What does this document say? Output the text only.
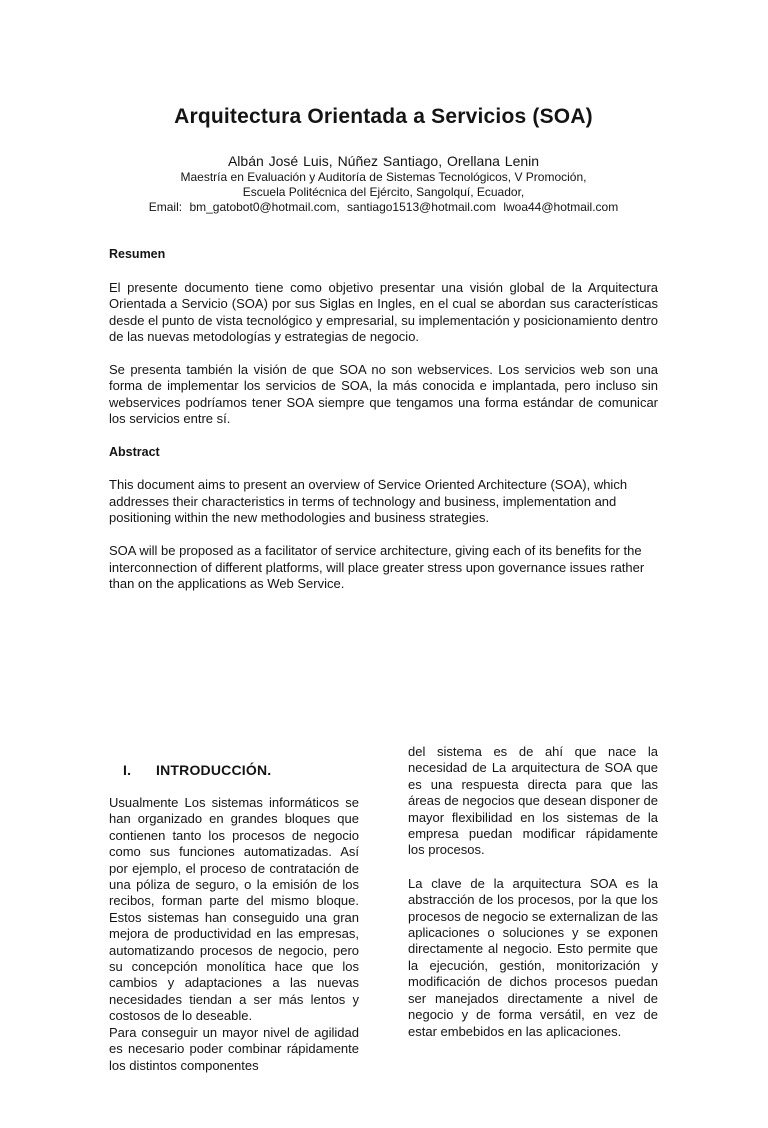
Arquitectura Orientada a Servicios (SOA)

Albán José Luis, Núñez Santiago, Orellana Lenin

Maestría en Evaluación y Auditoría de Sistemas Tecnológicos, V Promoción,

Escuela Politécnica del Ejército, Sangolquí, Ecuador,

Email: bm_gatobot0@hotmail.com, santiago1513@hotmail.com lwoa44@hotmail.com

Resumen

El presente documento tiene como objetivo presentar una visión global de la Arquitectura Orientada a Servicio (SOA) por sus Siglas en Ingles, en el cual se abordan sus características desde el punto de vista tecnológico y empresarial, su implementación y posicionamiento dentro de las nuevas metodologías y estrategias de negocio.

Se presenta también la visión de que SOA no son webservices. Los servicios web son una forma de implementar los servicios de SOA, la más conocida e implantada, pero incluso sin webservices podríamos tener SOA siempre que tengamos una forma estándar de comunicar los servicios entre sí.

Abstract

This document aims to present an overview of Service Oriented Architecture (SOA), which addresses their characteristics in terms of technology and business, implementation and positioning within the new methodologies and business strategies.

SOA will be proposed as a facilitator of service architecture, giving each of its benefits for the interconnection of different platforms, will place greater stress upon governance issues rather than on the applications as Web Service.

I. INTRODUCCIÓN.

Usualmente Los sistemas informáticos se han organizado en grandes bloques que contienen tanto los procesos de negocio como sus funciones automatizadas. Así por ejemplo, el proceso de contratación de una póliza de seguro, o la emisión de los recibos, forman parte del mismo bloque. Estos sistemas han conseguido una gran mejora de productividad en las empresas, automatizando procesos de negocio, pero su concepción monolítica hace que los cambios y adaptaciones a las nuevas necesidades tiendan a ser más lentos y costosos de lo deseable.

Para conseguir un mayor nivel de agilidad es necesario poder combinar rápidamente los distintos componentes

del sistema es de ahí que nace la necesidad de La arquitectura de SOA que es una respuesta directa para que las áreas de negocios que desean disponer de mayor flexibilidad en los sistemas de la empresa puedan modificar rápidamente los procesos.

La clave de la arquitectura SOA es la abstracción de los procesos, por la que los procesos de negocio se externalizan de las aplicaciones o soluciones y se exponen directamente al negocio. Esto permite que la ejecución, gestión, monitorización y modificación de dichos procesos puedan ser manejados directamente a nivel de negocio y de forma versátil, en vez de estar embebidos en las aplicaciones.
